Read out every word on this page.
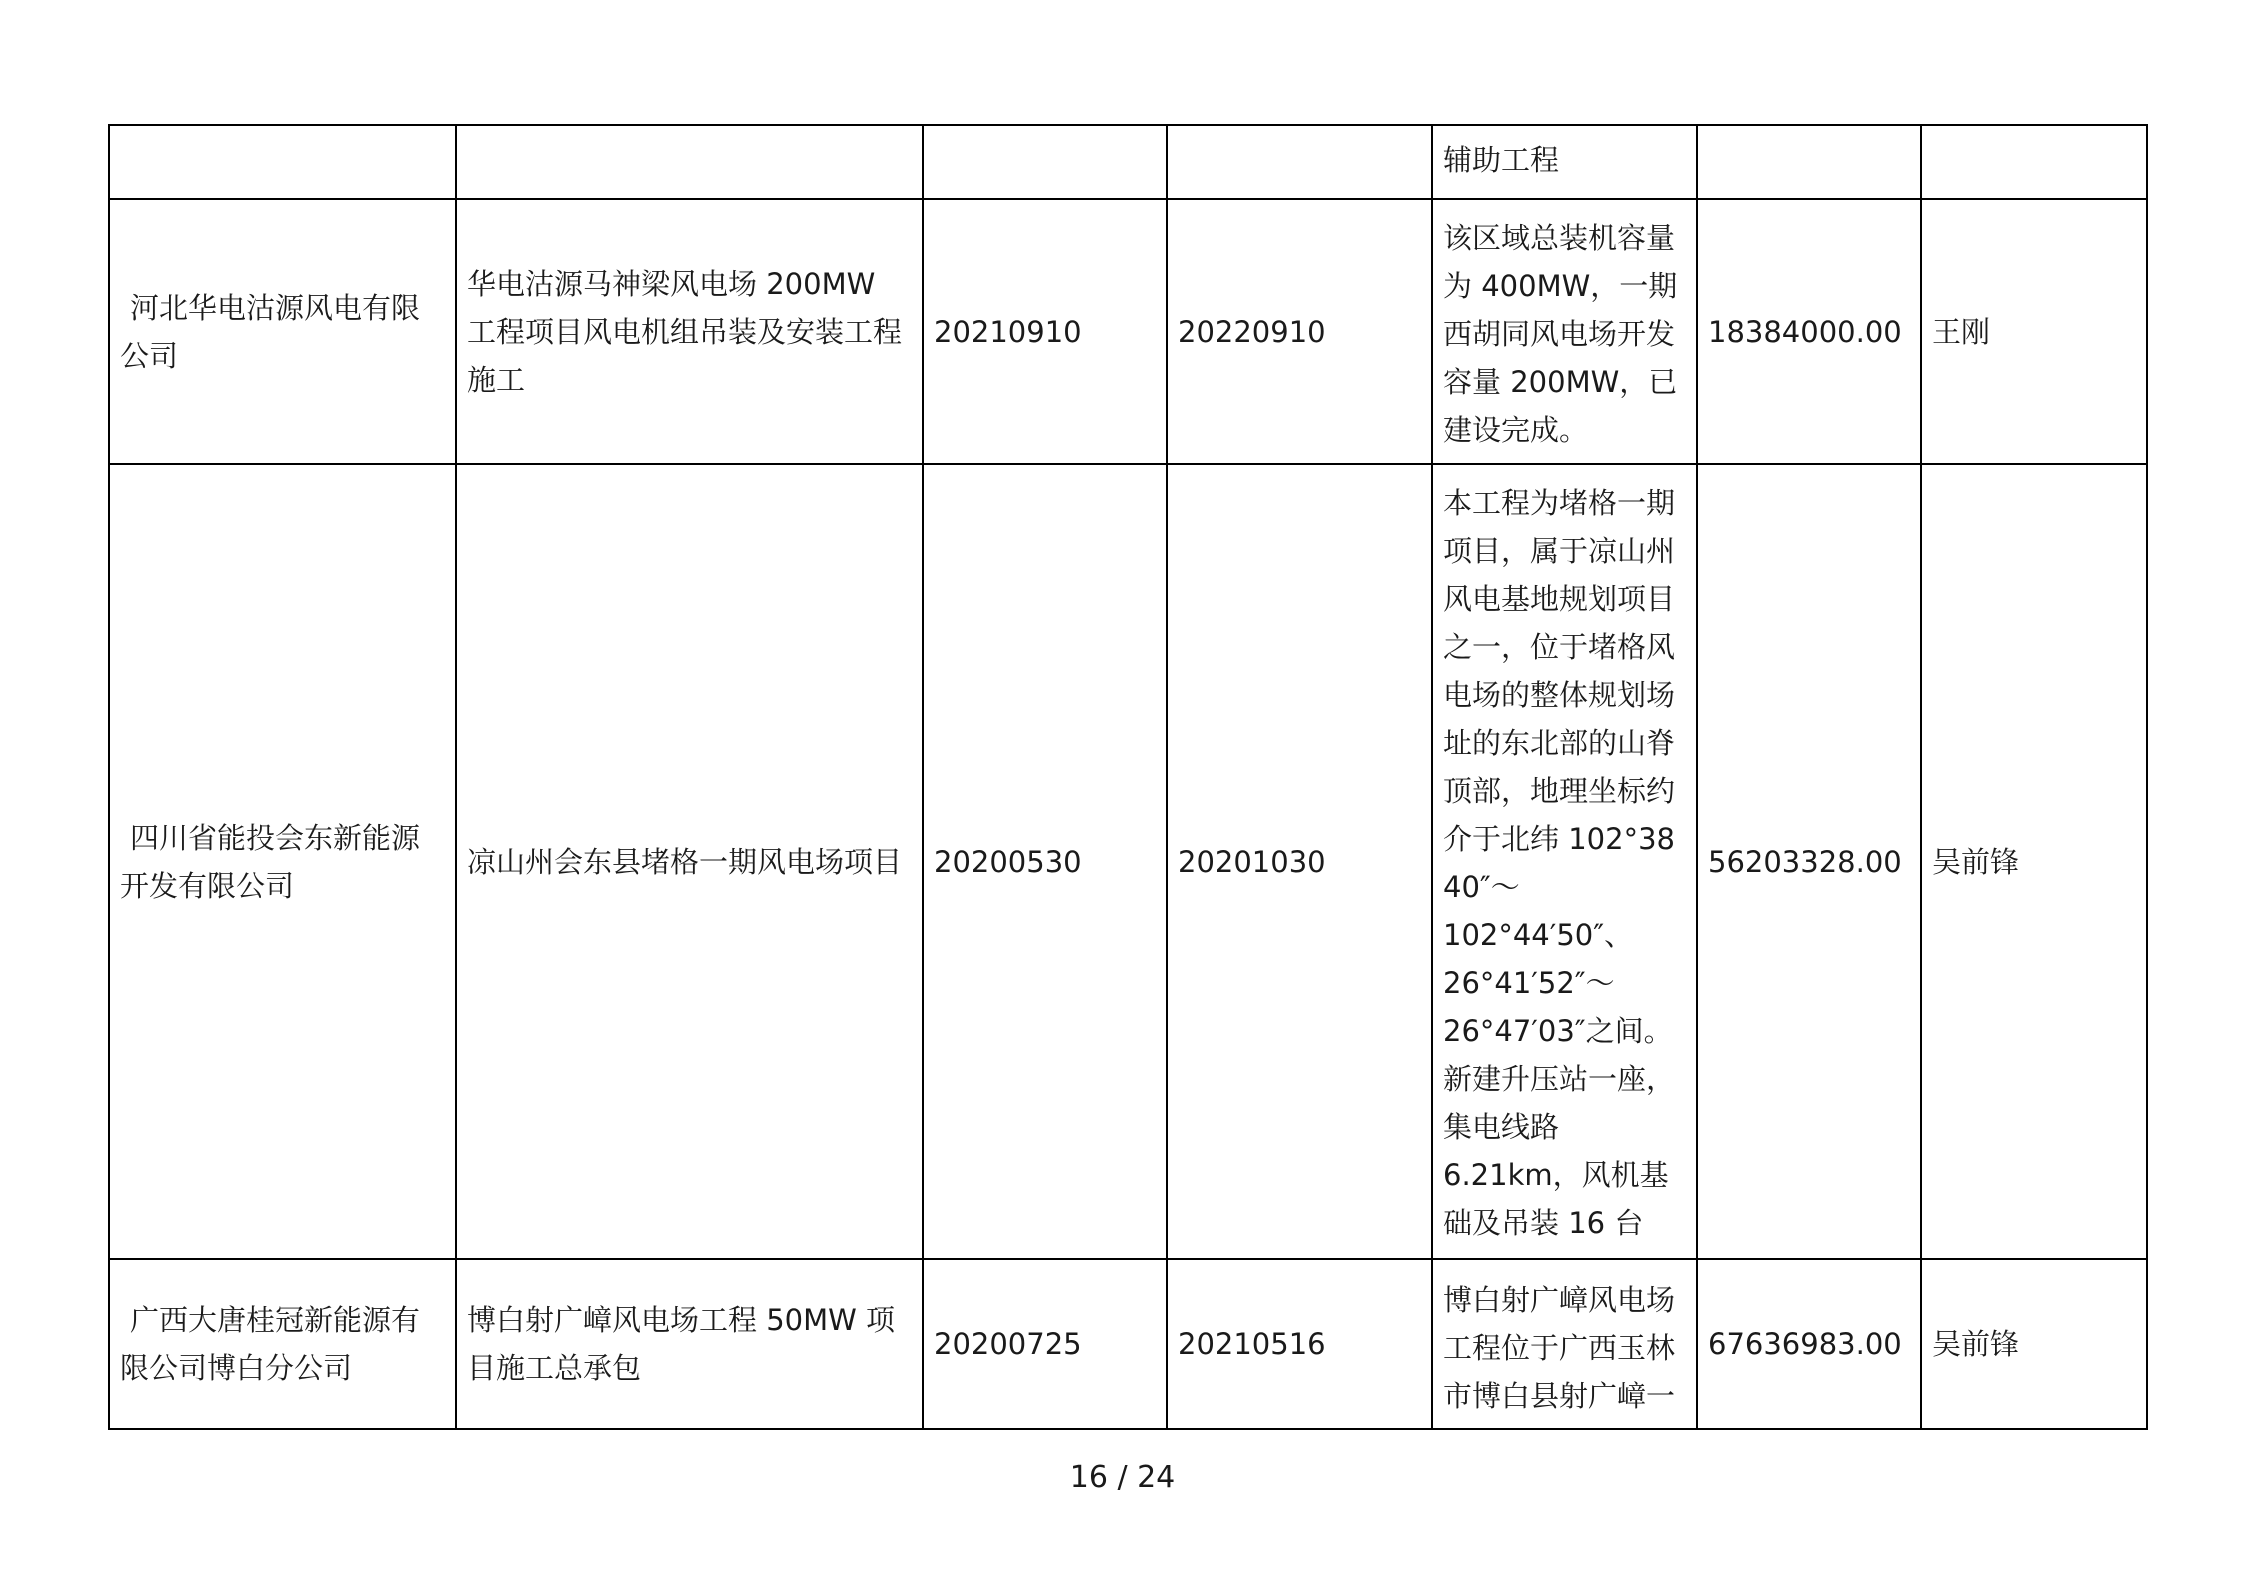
				辅助工程		

河北华电沽源风电有限公司	华电沽源马神梁风电场 200MW 工程项目风电机组吊装及安装工程施工	20210910	20220910	该区域总装机容量为 400MW，一期西胡同风电场开发容量 200MW，已建设完成。	18384000.00	王刚

四川省能投会东新能源开发有限公司	凉山州会东县堵格一期风电场项目	20200530	20201030	本工程为堵格一期项目，属于凉山州风电基地规划项目之一，位于堵格风电场的整体规划场址的东北部的山脊顶部，地理坐标约介于北纬 102°38 40″～ 102°44′50″、 26°41′52″～ 26°47′03″之间。新建升压站一座，集电线路 6.21km，风机基础及吊装 16 台	56203328.00	吴前锋

广西大唐桂冠新能源有限公司博白分公司	博白射广嶂风电场工程 50MW 项目施工总承包	20200725	20210516	博白射广嶂风电场工程位于广西玉林市博白县射广嶂一	67636983.00	吴前锋
16 / 24
